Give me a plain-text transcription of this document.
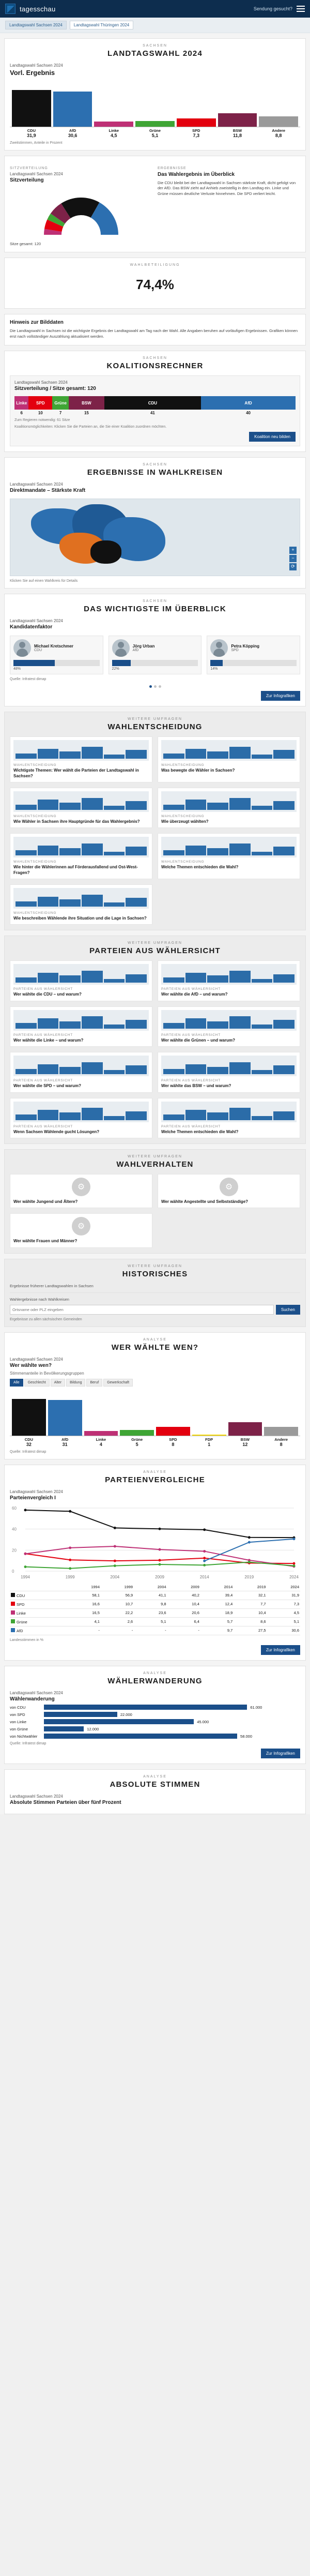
tagesschau	Sendung gesucht?
Landtagswahl Sachsen 2024	Landtagswahl Thüringen 2024
SACHSEN
LANDTAGSWAHL 2024
Landtagswahl Sachsen 2024
Vorl. Ergebnis
CDU
31,9
AfD
30,6
Linke
4,5
Grüne
5,1
SPD
7,3
BSW
11,8
Andere
8,8
Zweitstimmen, Anteile in Prozent
SITZVERTEILUNG
Landtagswahl Sachsen 2024
Sitzverteilung
Sitze gesamt: 120
ERGEBNISSE
Das Wahlergebnis im Überblick
Die CDU bleibt bei der Landtagswahl in Sachsen stärkste Kraft, dicht gefolgt von der AfD. Das BSW zieht auf Anhieb zweistellig in den Landtag ein. Linke und Grüne müssen deutliche Verluste hinnehmen. Die SPD verliert leicht.
WAHLBETEILIGUNG
74,4%
Hinweis zur Bilddaten
Die Landtagswahl in Sachsen ist die wichtigste Ergebnis der Landtagswahl am Tag nach der Wahl. Alle Angaben beruhen auf vorläufigen Ergebnissen. Grafiken können erst nach vollständiger Auszählung aktualisiert werden.
SACHSEN
KOALITIONSRECHNER
Landtagswahl Sachsen 2024
Sitzverteilung / Sitze gesamt: 120
Linke	SPD	Grüne	BSW	CDU	AfD
6	10	7	15	41	40
Zum Regieren notwendig: 61 Sitze
Koalitionsmöglichkeiten: Klicken Sie die Parteien an, die Sie einer Koalition zuordnen möchten.
Koalition neu bilden
SACHSEN
ERGEBNISSE IN WAHLKREISEN
Landtagswahl Sachsen 2024
Direktmandate – Stärkste Kraft
+
−
⟳
Klicken Sie auf einen Wahlkreis für Details
SACHSEN
DAS WICHTIGSTE IM ÜBERBLICK
Landtagswahl Sachsen 2024
Kandidatenfaktor
Michael Kretschmer
CDU
48%
Jörg Urban
AfD
22%
Petra Köpping
SPD
14%
Quelle: Infratest dimap
Zur Infografiken
WEITERE UMFRAGEN
WAHLENTSCHEIDUNG
WAHLENTSCHEIDUNG
Wichtigste Themen: Wer wählt die Parteien der Landtagswahl in Sachsen?
WAHLENTSCHEIDUNG
Was bewegte die Wähler in Sachsen?
WAHLENTSCHEIDUNG
Wie Wähler in Sachsen ihre Hauptgründe für das Wahlergebnis?
WAHLENTSCHEIDUNG
Wie überzeugt wählten?
WAHLENTSCHEIDUNG
Wie hinter die Wählerinnen auf Förderausfallend und Ost-West-Fragen?
WAHLENTSCHEIDUNG
Welche Themen entschieden die Wahl?
WAHLENTSCHEIDUNG
Wie beschreiben Wählende ihre Situation und die Lage in Sachsen?
WEITERE UMFRAGEN
PARTEIEN AUS WÄHLERSICHT
PARTEIEN AUS WÄHLERSICHT
Wer wählte die CDU – und warum?
PARTEIEN AUS WÄHLERSICHT
Wer wählte die AfD – und warum?
PARTEIEN AUS WÄHLERSICHT
Wer wählte die Linke – und warum?
PARTEIEN AUS WÄHLERSICHT
Wer wählte die Grünen – und warum?
PARTEIEN AUS WÄHLERSICHT
Wer wählte die SPD – und warum?
PARTEIEN AUS WÄHLERSICHT
Wer wählte das BSW – und warum?
PARTEIEN AUS WÄHLERSICHT
Wenn Sachsen Wählende gucht Lösungen?
PARTEIEN AUS WÄHLERSICHT
Welche Themen entschieden die Wahl?
WEITERE UMFRAGEN
WAHLVERHALTEN
⚙
Wer wählte Jungend und Ältere?
⚙
Wer wählte Angestellte und Selbstständige?
⚙
Wer wählte Frauen und Männer?
WEITERE UMFRAGEN
HISTORISCHES
Ergebnisse früherer Landtagswahlen in Sachsen
Wahlergebnisse nach Wahlkreisen
Ortsname oder PLZ eingeben
Suchen
Ergebnisse zu allen sächsischen Gemeinden
ANALYSE
WER WÄHLTE WEN?
Landtagswahl Sachsen 2024
Wer wählte wen?
Stimmenanteile in Bevölkerungsgruppen
Alle	Geschlecht	Alter	Bildung	Beruf	Gewerkschaft
CDU
32
AfD
31
Linke
4
Grüne
5
SPD
8
FDP
1
BSW
12
Andere
8
Quelle: Infratest dimap
ANALYSE
PARTEIENVERGLEICHE
Landtagswahl Sachsen 2024
Parteienvergleich I
0
20
40
60
1994	1999	2004	2009	2014	2019	2024
	1994	1999	2004	2009	2014	2019	2024
CDU	58,1	56,9	41,1	40,2	39,4	32,1	31,9
SPD	16,6	10,7	9,8	10,4	12,4	7,7	7,3
Linke	16,5	22,2	23,6	20,6	18,9	10,4	4,5
Grüne	4,1	2,6	5,1	6,4	5,7	8,6	5,1
AfD	-	-	-	-	9,7	27,5	30,6
Landesstimmen in %
Zur Infografiken
ANALYSE
WÄHLERWANDERUNG
Landtagswahl Sachsen 2024
Wählerwanderung
von CDU	61.000
von SPD	22.000
von Linke	45.000
von Grüne	12.000
von Nichtwähler	58.000
Quelle: Infratest dimap
Zur Infografiken
ANALYSE
ABSOLUTE STIMMEN
Landtagswahl Sachsen 2024
Absolute Stimmen Parteien über fünf Prozent
